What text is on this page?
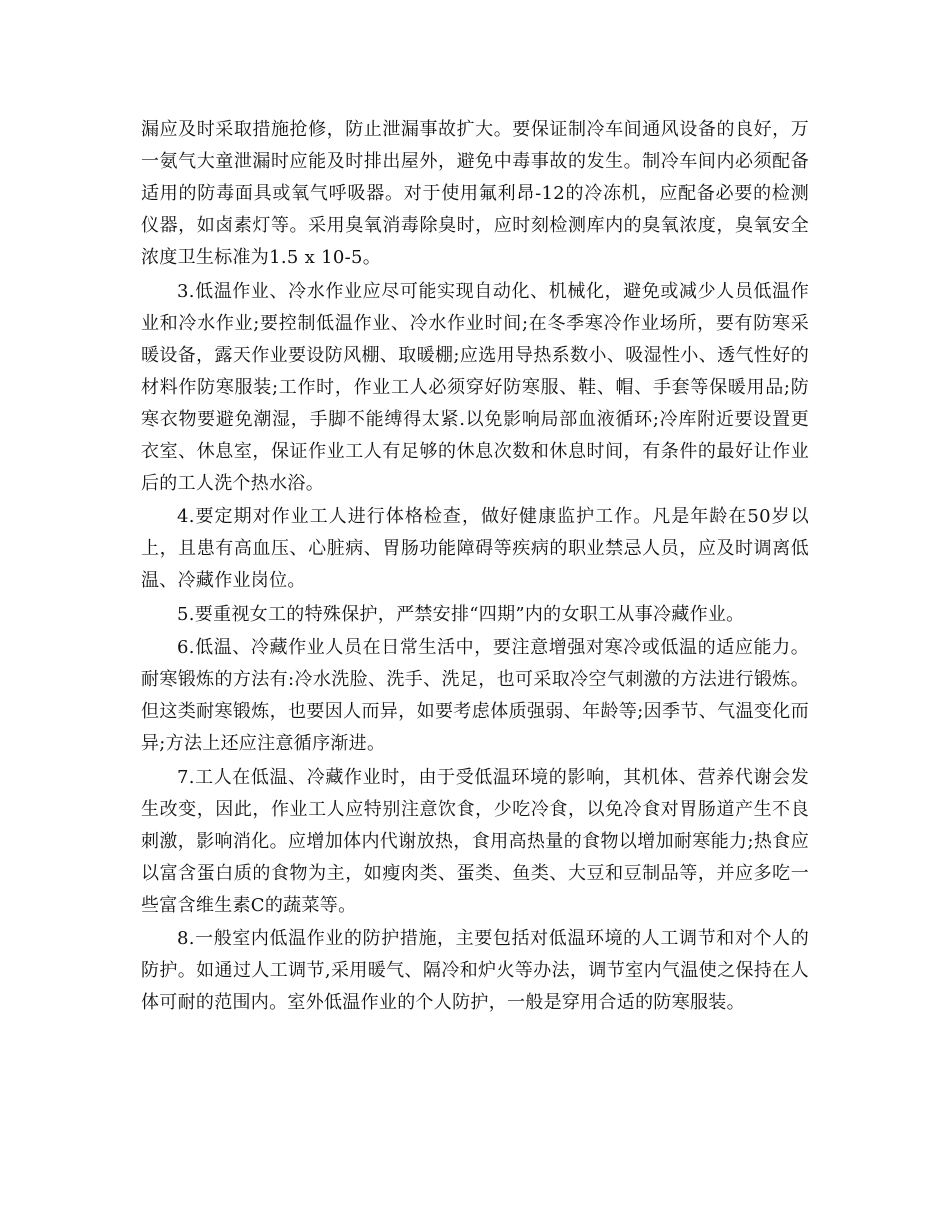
漏应及时采取措施抢修，防止泄漏事故扩大。要保证制冷车间通风设备的良好，万一氨气大童泄漏时应能及时排出屋外，避免中毒事故的发生。制冷车间内必须配备适用的防毒面具或氧气呼吸器。对于使用氟利昂-12的冷冻机，应配备必要的检测仪器，如卤素灯等。采用臭氧消毒除臭时，应时刻检测库内的臭氧浓度，臭氧安全浓度卫生标准为1.5 x 10-5。

3.低温作业、冷水作业应尽可能实现自动化、机械化，避免或减少人员低温作业和冷水作业;要控制低温作业、冷水作业时间;在冬季寒冷作业场所，要有防寒采暖设备，露天作业要设防风棚、取暖棚;应选用导热系数小、吸湿性小、透气性好的材料作防寒服装;工作时，作业工人必须穿好防寒服、鞋、帽、手套等保暖用品;防寒衣物要避免潮湿，手脚不能缚得太紧.以免影响局部血液循环;冷库附近要设置更衣室、休息室，保证作业工人有足够的休息次数和休息时间，有条件的最好让作业后的工人洗个热水浴。

4.要定期对作业工人进行体格检查，做好健康监护工作。凡是年龄在50岁以上，且患有高血压、心脏病、胃肠功能障碍等疾病的职业禁忌人员，应及时调离低温、冷藏作业岗位。

5.要重视女工的特殊保护，严禁安排“四期”内的女职工从事冷藏作业。

6.低温、冷藏作业人员在日常生活中，要注意增强对寒冷或低温的适应能力。耐寒锻炼的方法有:冷水洗脸、洗手、洗足，也可采取冷空气刺激的方法进行锻炼。但这类耐寒锻炼，也要因人而异，如要考虑体质强弱、年龄等;因季节、气温变化而异;方法上还应注意循序渐进。

7.工人在低温、冷藏作业时，由于受低温环境的影响，其机体、营养代谢会发生改变，因此，作业工人应特别注意饮食，少吃冷食，以免冷食对胃肠道产生不良刺激，影响消化。应增加体内代谢放热，食用高热量的食物以增加耐寒能力;热食应以富含蛋白质的食物为主，如瘦肉类、蛋类、鱼类、大豆和豆制品等，并应多吃一些富含维生素C的蔬菜等。

8.一般室内低温作业的防护措施，主要包括对低温环境的人工调节和对个人的防护。如通过人工调节,采用暖气、隔冷和炉火等办法，调节室内气温使之保持在人体可耐的范围内。室外低温作业的个人防护，一般是穿用合适的防寒服装。
